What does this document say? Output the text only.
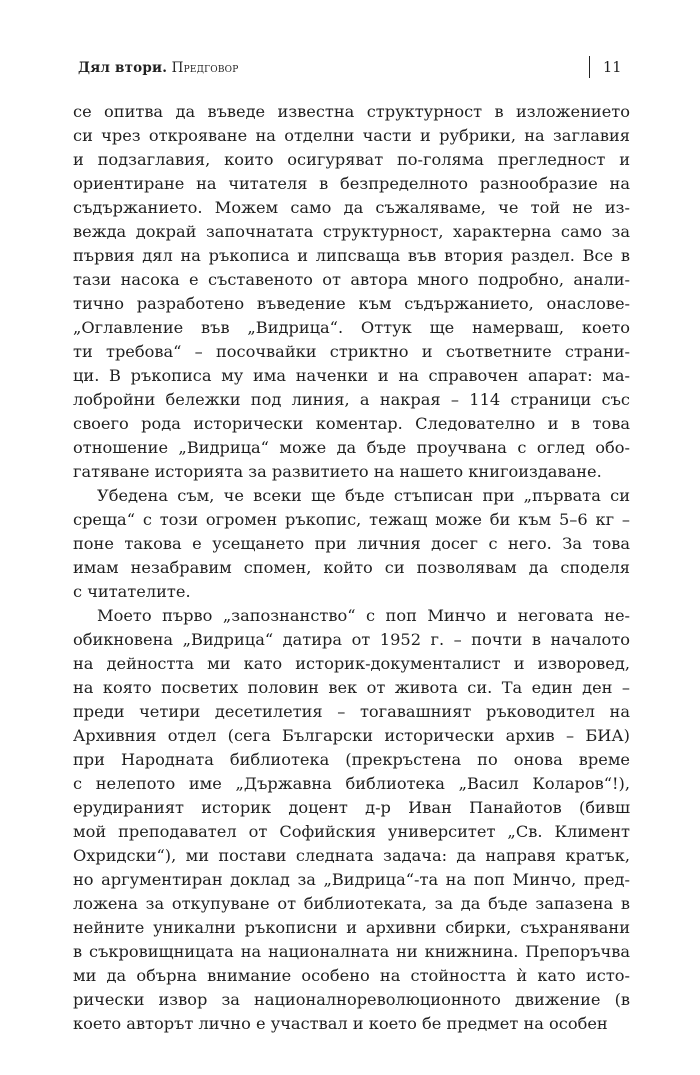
Дял втори. Предговор	11
се опитва да въведе известна структурност в изложението
си чрез открояване на отделни части и рубрики, на заглавия
и подзаглавия, които осигуряват по-голяма прегледност и
ориентиране на читателя в безпределното разнообразие на
съдържанието. Можем само да съжаляваме, че той не из-
вежда докрай започнатата структурност, характерна само за
първия дял на ръкописа и липсваща във втория раздел. Все в
тази насока е съставеното от автора много подробно, анали-
тично разработено въведение към съдържанието, онаслове-
„Оглавление във „Видрица“. Оттук ще намерваш, което
ти требова“ – посочвайки стриктно и съответните страни-
ци. В ръкописа му има наченки и на справочен апарат: ма-
лобройни бележки под линия, а накрая – 114 страници със
своего рода исторически коментар. Следователно и в това
отношение „Видрица“ може да бъде проучвана с оглед обо-
гатяване историята за развитието на нашето книгоиздаване.
Убедена съм, че всеки ще бъде стъписан при „първата си
среща“ с този огромен ръкопис, тежащ може би към 5–6 кг –
поне такова е усещането при личния досег с него. За това
имам незабравим спомен, който си позволявам да споделя
с читателите.
Моето първо „запознанство“ с поп Минчо и неговата не-
обикновена „Видрица“ датира от 1952 г. – почти в началото
на дейността ми като историк-документалист и изворовед,
на която посветих половин век от живота си. Та един ден –
преди четири десетилетия – тогавашният ръководител на
Архивния отдел (сега Български исторически архив – БИА)
при Народната библиотека (прекръстена по онова време
с нелепото име „Държавна библиотека „Васил Коларов“!),
ерудираният историк доцент д-р Иван Панайотов (бивш
мой преподавател от Софийския университет „Св. Климент
Охридски“), ми постави следната задача: да направя кратък,
но аргументиран доклад за „Видрица“-та на поп Минчо, пред-
ложена за откупуване от библиотеката, за да бъде запазена в
нейните уникални ръкописни и архивни сбирки, съхранявани
в съкровищницата на националната ни книжнина. Препоръчва
ми да обърна внимание особено на стойността ѝ като истo-
рически извор за националнореволюционното движение (в
което авторът лично е участвал и което бе предмет на особен
